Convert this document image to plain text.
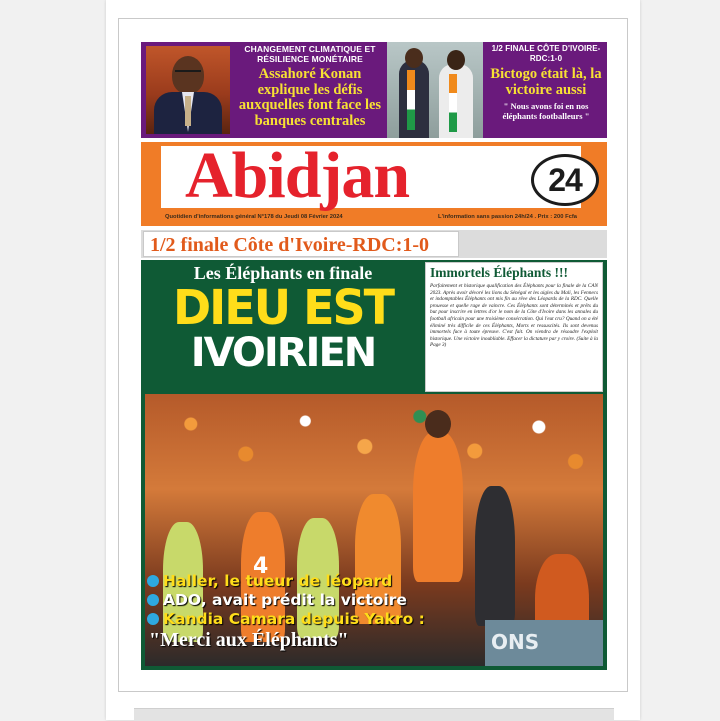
CHANGEMENT CLIMATIQUE ET RÉSILIENCE MONÉTAIRE
Assahoré Konan explique les défis auxquelles font face les banques centrales
1/2 FINALE CÔTE D'IVOIRE-RDC:1-0
Bictogo était là, la victoire aussi
" Nous avons foi en nos éléphants footballeurs "
Abidjan	24
Quotidien d'informations général N°178 du Jeudi 08 Février 2024	L'information sans passion 24h/24 . Prix : 200 Fcfa
1/2 finale Côte d'Ivoire-RDC:1-0
Les Éléphants en finale
DIEU EST
IVOIRIEN
Immortels Éléphants !!!
Parfaitement et historique qualification des Éléphants pour la finale de la CAN 2023. Après avoir dévoré les lions du Sénégal et les aigles du Mali, les Fennecs et indomptables Éléphants ont mis fin au rêve des Léopards de la RDC. Quelle prouesse et quelle rage de vaincre. Ces Éléphants sont déterminés et prêts du but pour inscrire en lettres d'or le nom de la Côte d'Ivoire dans les annales du football africain pour une troisième consécration. Qui l'eut cru? Quand on a été éliminé très difficile de ces Éléphants, Morts et ressuscités. Ils sont devenus immortels face à toute épreuve. C'est fait. On viendra de résoudre l'exploit historique. Une victoire inoubliable. Effacer la dictature par y croire. (Suite à la Page 3)
4
ONS
Haller, le tueur de léopard
ADO, avait prédit la victoire
Kandia Camara depuis Yakro :
"Merci aux Éléphants"
